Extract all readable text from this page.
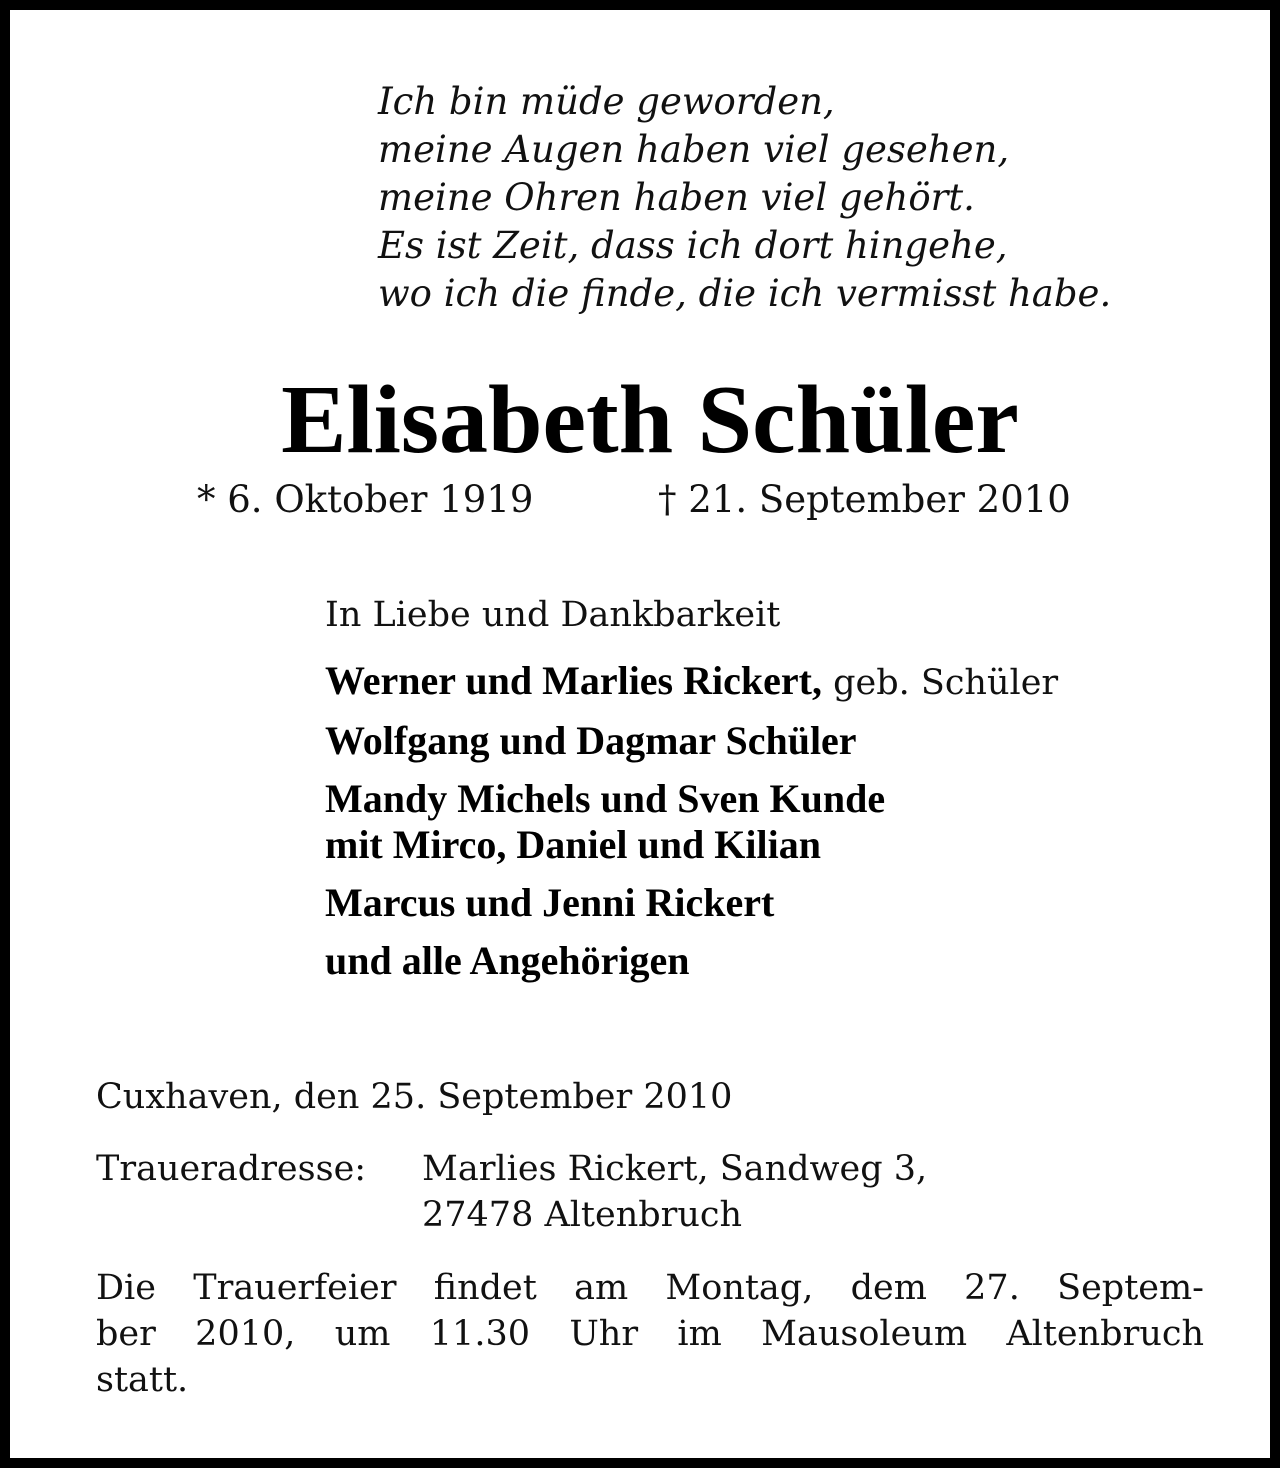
Ich bin müde geworden,
meine Augen haben viel gesehen,
meine Ohren haben viel gehört.
Es ist Zeit, dass ich dort hingehe,
wo ich die finde, die ich vermisst habe.
Elisabeth Schüler
* 6. Oktober 1919	† 21. September 2010
In Liebe und Dankbarkeit
Werner und Marlies Rickert, geb. Schüler
Wolfgang und Dagmar Schüler
Mandy Michels und Sven Kunde
mit Mirco, Daniel und Kilian
Marcus und Jenni Rickert
und alle Angehörigen
Cuxhaven, den 25. September 2010
Traueradresse: Marlies Rickert, Sandweg 3,
27478 Altenbruch
Die Trauerfeier findet am Montag, dem 27. Septem-
ber 2010, um 11.30 Uhr im Mausoleum Altenbruch
statt.
